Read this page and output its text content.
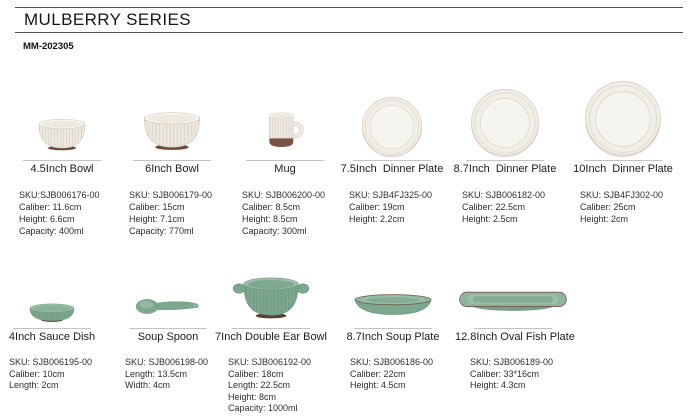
MULBERRY SERIES
MM-202305
4.5Inch Bowl
SKU:SJB006176-00
Caliber: 11.6cm
Height: 6.6cm
Capacity: 400ml
6Inch Bowl
SKU: SJB006179-00
Caliber: 15cm
Height: 7.1cm
Capacity: 770ml
Mug
SKU: SJB006200-00
Caliber: 8.5cm
Height: 8.5cm
Capacity: 300ml
7.5Inch  Dinner Plate
SKU: SJB4FJ325-00
Caliber: 19cm
Height: 2.2cm
8.7Inch  Dinner Plate
SKU: SJB006182-00
Caliber: 22.5cm
Height: 2.5cm
10Inch  Dinner Plate
SKU: SJB4FJ302-00
Caliber: 25cm
Height: 2cm
4Inch Sauce Dish
SKU: SJB006195-00
Caliber: 10cm
Length: 2cm
Soup Spoon
SKU: SJB006198-00
Length: 13.5cm
Width: 4cm
7Inch Double Ear Bowl
SKU: SJB006192-00
Caliber: 18cm
Length: 22.5cm
Height: 8cm
Capacity: 1000ml
8.7Inch Soup Plate
SKU: SJB006186-00
Caliber: 22cm
Height: 4.5cm
12.8Inch Oval Fish Plate
SKU: SJB006189-00
Caliber: 33*16cm
Height: 4.3cm
